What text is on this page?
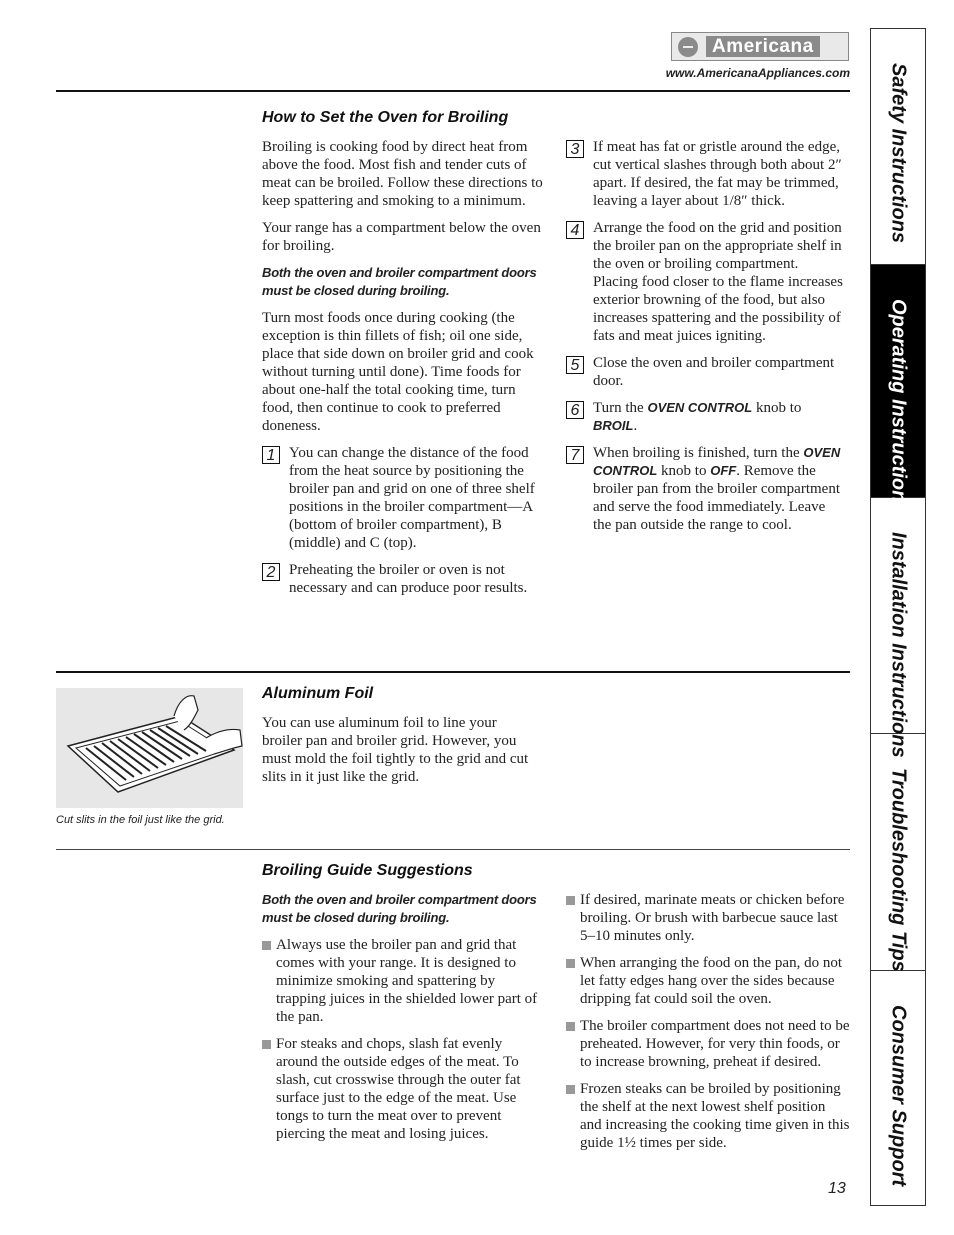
Americana
www.AmericanaAppliances.com
How to Set the Oven for Broiling

Broiling is cooking food by direct heat from above the food. Most fish and tender cuts of meat can be broiled. Follow these directions to keep spattering and smoking to a minimum.

Your range has a compartment below the oven for broiling.

Both the oven and broiler compartment doors must be closed during broiling.

Turn most foods once during cooking (the exception is thin fillets of fish; oil one side, place that side down on broiler grid and cook without turning until done). Time foods for about one-half the total cooking time, turn food, then continue to cook to preferred doneness.

1 You can change the distance of the food from the heat source by positioning the broiler pan and grid on one of three shelf positions in the broiler compartment—A (bottom of broiler compartment), B (middle) and C (top).
2 Preheating the broiler or oven is not necessary and can produce poor results.
3 If meat has fat or gristle around the edge, cut vertical slashes through both about 2″ apart. If desired, the fat may be trimmed, leaving a layer about 1/8″ thick.
4 Arrange the food on the grid and position the broiler pan on the appropriate shelf in the oven or broiling compartment. Placing food closer to the flame increases exterior browning of the food, but also increases spattering and the possibility of fats and meat juices igniting.
5 Close the oven and broiler compartment door.
6 Turn the OVEN CONTROL knob to BROIL.
7 When broiling is finished, turn the OVEN CONTROL knob to OFF. Remove the broiler pan from the broiler compartment and serve the food immediately. Leave the pan outside the range to cool.
Cut slits in the foil just like the grid.
Aluminum Foil

You can use aluminum foil to line your broiler pan and broiler grid. However, you must mold the foil tightly to the grid and cut slits in it just like the grid.

Broiling Guide Suggestions

Both the oven and broiler compartment doors must be closed during broiling.

Always use the broiler pan and grid that comes with your range. It is designed to minimize smoking and spattering by trapping juices in the shielded lower part of the pan.
For steaks and chops, slash fat evenly around the outside edges of the meat. To slash, cut crosswise through the outer fat surface just to the edge of the meat. Use tongs to turn the meat over to prevent piercing the meat and losing juices.
If desired, marinate meats or chicken before broiling. Or brush with barbecue sauce last 5–10 minutes only.
When arranging the food on the pan, do not let fatty edges hang over the sides because dripping fat could soil the oven.
The broiler compartment does not need to be preheated. However, for very thin foods, or to increase browning, preheat if desired.
Frozen steaks can be broiled by positioning the shelf at the next lowest shelf position and increasing the cooking time given in this guide 1½ times per side.
13
Safety Instructions
Operating Instructions
Installation Instructions
Troubleshooting Tips
Consumer Support
